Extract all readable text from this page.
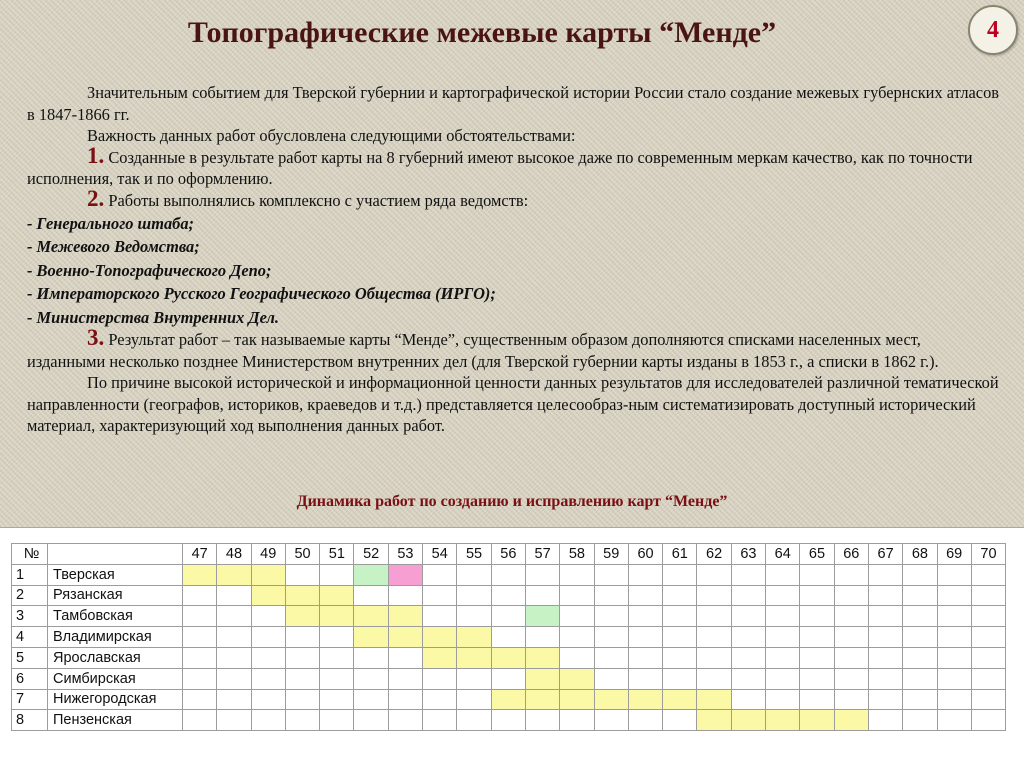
Топографические межевые карты “Менде”	4

Значительным событием для Тверской губернии и картографической истории России стало создание межевых губернских атласов в 1847-1866 гг.

Важность данных работ обусловлена следующими обстоятельствами:

1. Созданные в результате работ карты на 8 губерний имеют высокое даже по современным меркам качество, как по точности исполнения, так и по оформлению.

2. Работы выполнялись комплексно с участием ряда ведомств:

- Генерального штаба;

- Межевого Ведомства;

- Военно-Топографического Депо;

- Императорского Русского Географического Общества (ИРГО);

- Министерства Внутренних Дел.

3. Результат работ – так называемые карты “Менде”, существенным образом дополняются списками населенных мест, изданными несколько позднее Министерством внутренних дел (для Тверской губернии карты изданы в 1853 г., а списки в 1862 г.).

По причине высокой исторической и информационной ценности данных результатов для исследователей различной тематической направленности (географов, историков, краеведов и т.д.) представляется целесообраз-ным систематизировать доступный исторический материал, характеризующий ход выполнения данных работ.

Динамика работ по созданию и исправлению карт “Менде”
№		47	48	49	50	51	52	53	54	55	56	57	58	59	60	61	62	63	64	65	66	67	68	69	70
1	Тверская																								
2	Рязанская																								
3	Тамбовская																								
4	Владимирская																								
5	Ярославская																								
6	Симбирская																								
7	Нижегородская																								
8	Пензенская																								
